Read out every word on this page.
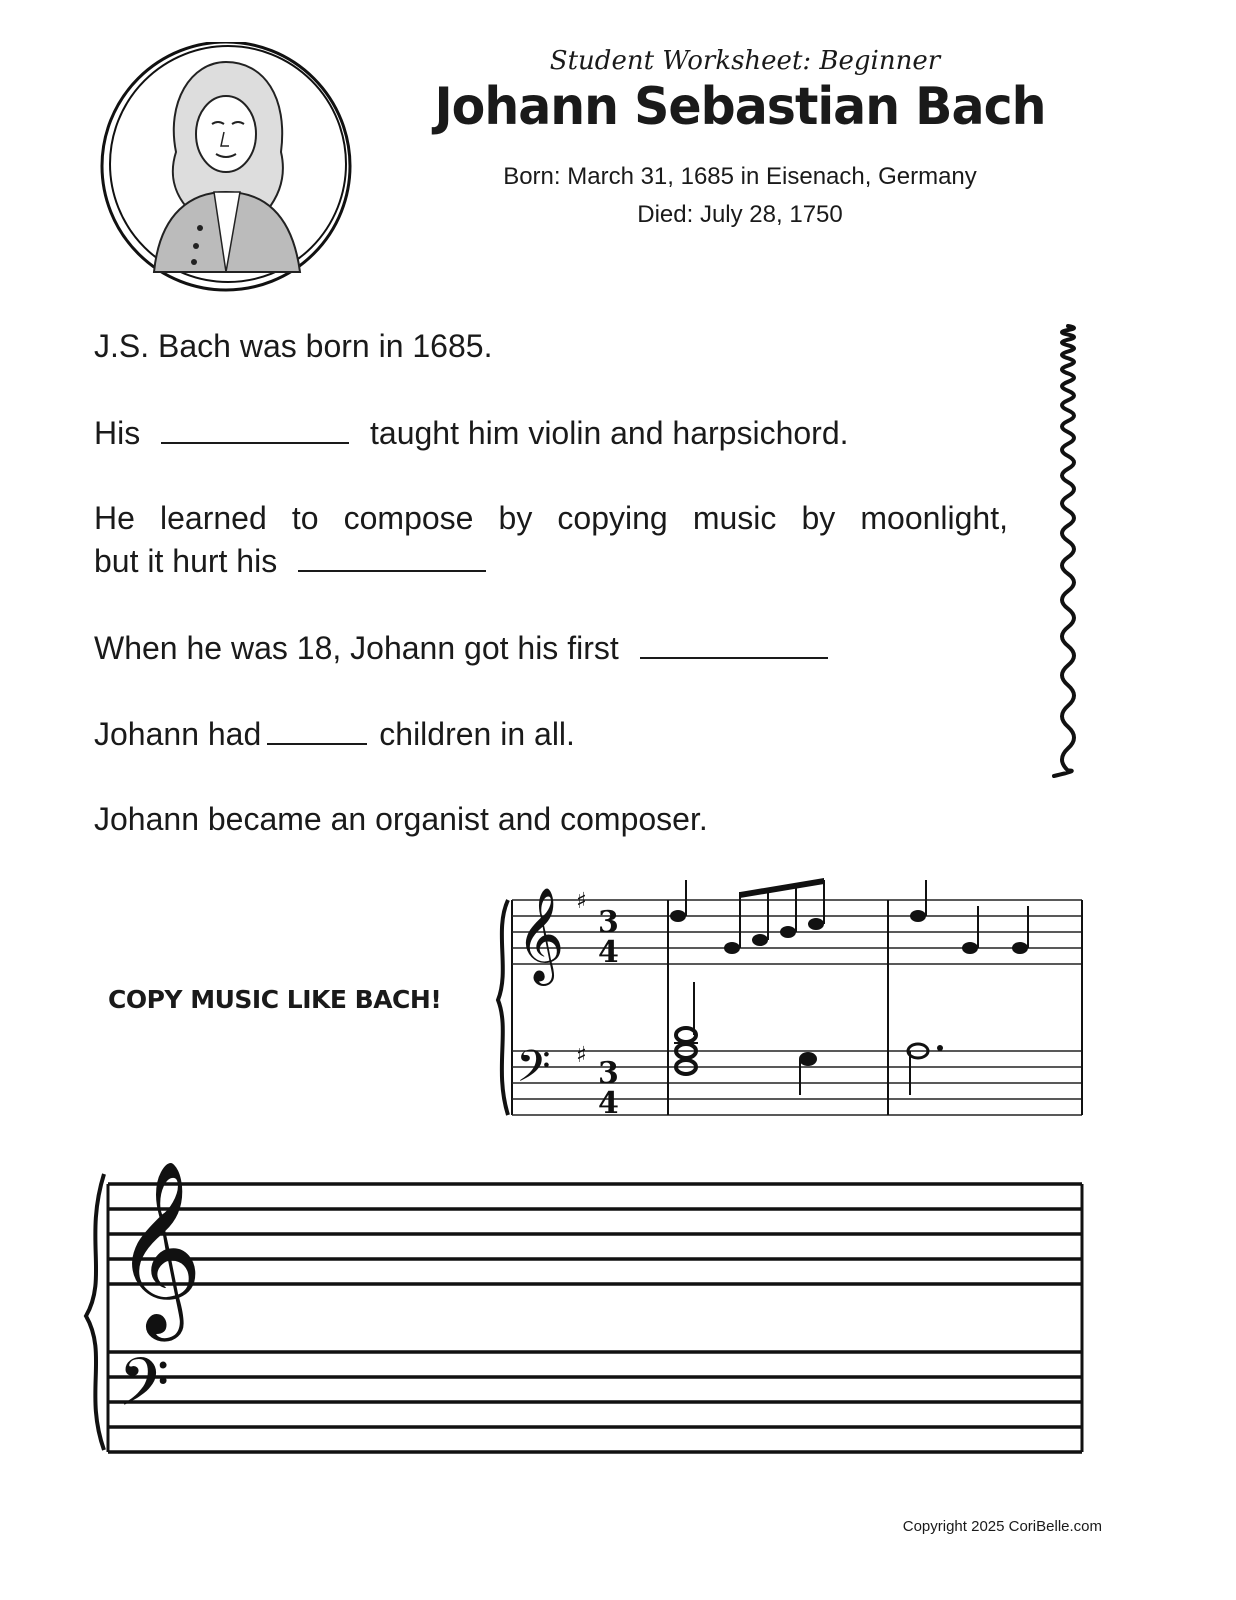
Student Worksheet: Beginner
Johann Sebastian Bach
Born: March 31, 1685 in Eisenach, Germany
Died: July 28, 1750
J.S. Bach was born in 1685.
His	taught him violin and harpsichord.
He learned to compose by copying music by moonlight,
but it hurt his
When he was 18, Johann got his first
Johann had	children in all.
Johann became an organist and composer.
COPY MUSIC LIKE BACH!
𝄞
𝄢
♯
♯
3
4
3
4
𝄞
𝄢
Copyright 2025 CoriBelle.com
